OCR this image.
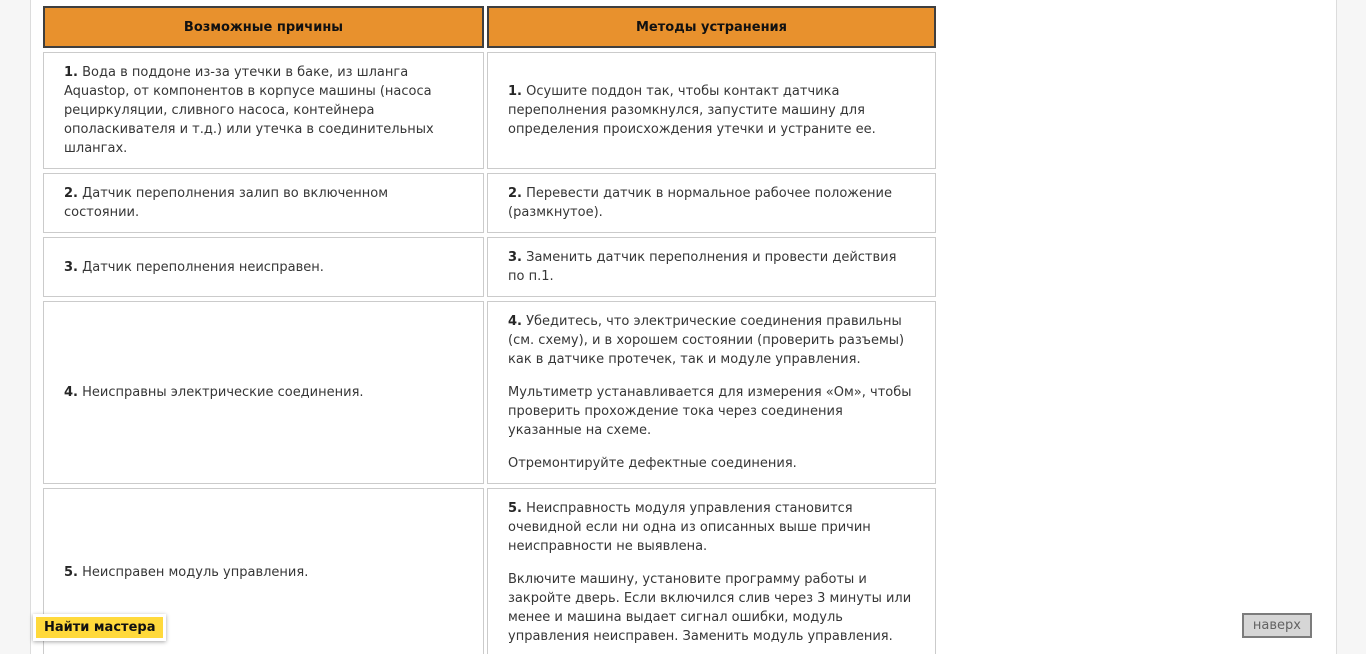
Возможные причины	Методы устранения

1. Вода в поддоне из-за утечки в баке, из шланга Aquastop, от компонентов в корпусе машины (насоса рециркуляции, сливного насоса, контейнера ополаскивателя и т.д.) или утечка в соединительных шлангах.	1. Осушите поддон так, чтобы контакт датчика переполнения разомкнулся, запустите машину для определения происхождения утечки и устраните ее.

2. Датчик переполнения залип во включенном состоянии.	2. Перевести датчик в нормальное рабочее положение (размкнутое).

3. Датчик переполнения неисправен.	3. Заменить датчик переполнения и провести действия по п.1.

4. Неисправны электрические соединения.	4. Убедитесь, что электрические соединения правильны (см. схему), и в хорошем состоянии (проверить разъемы) как в датчике протечек, так и модуле управления.

Мультиметр устанавливается для измерения «Ом», чтобы проверить прохождение тока через соединения указанные на схеме.

Отремонтируйте дефектные соединения.

5. Неисправен модуль управления.	5. Неисправность модуля управления становится очевидной если ни одна из описанных выше причин неисправности не выявлена.

Включите машину, установите программу работы и закройте дверь. Если включился слив через 3 минуты или менее и машина выдает сигнал ошибки, модуль управления неисправен. Заменить модуль управления.

Найти мастера	наверх
